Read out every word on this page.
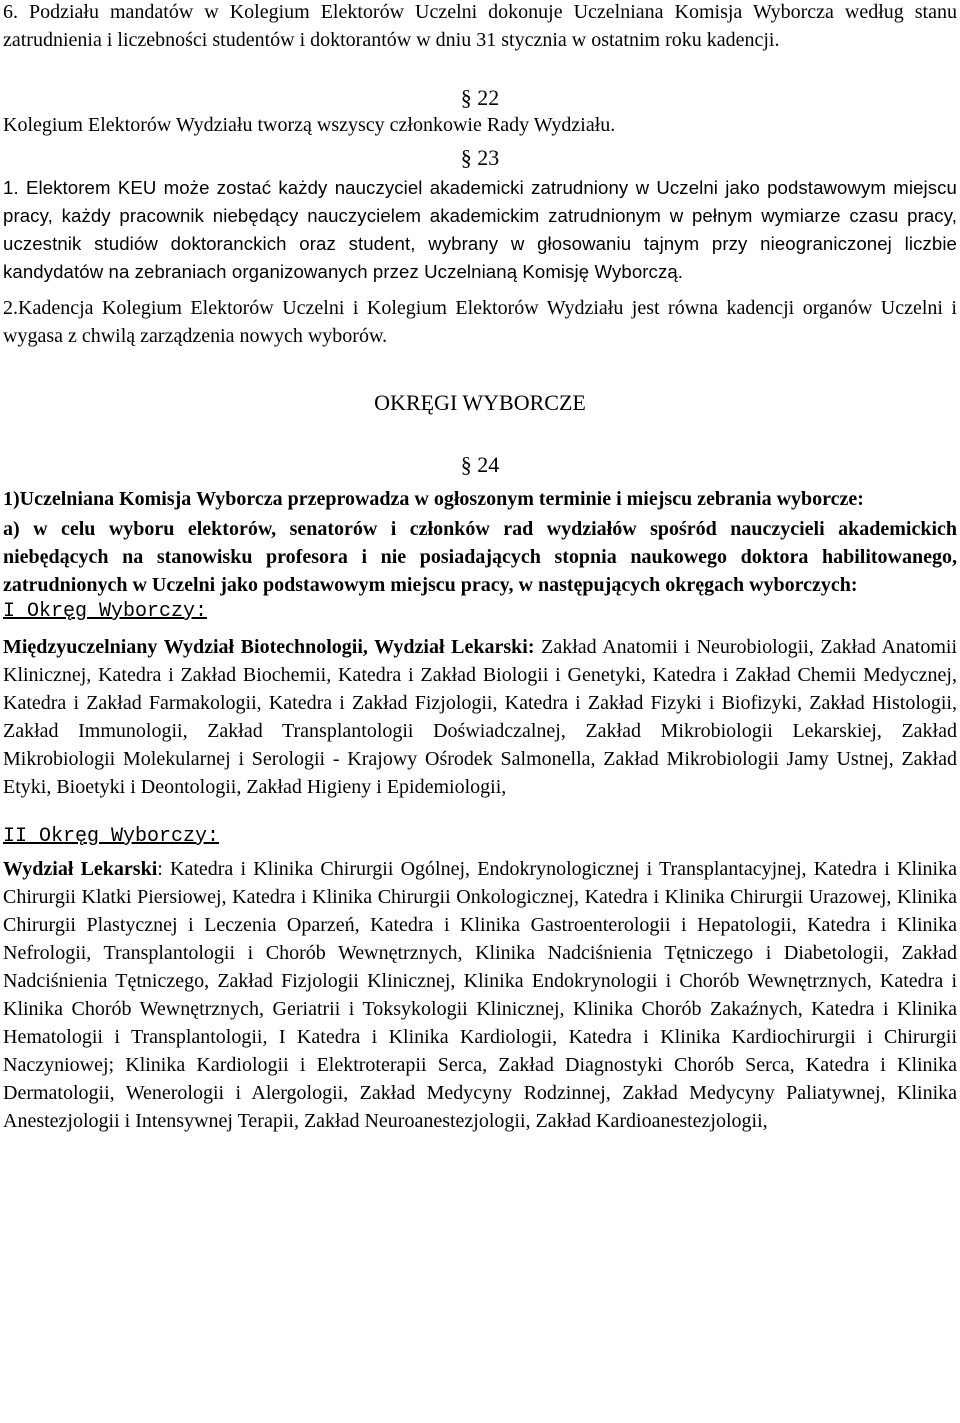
6. Podziału mandatów w Kolegium Elektorów Uczelni dokonuje Uczelniana Komisja Wyborcza według stanu zatrudnienia i liczebności studentów i doktorantów w dniu 31 stycznia w ostatnim roku kadencji.

§ 22

Kolegium Elektorów Wydziału tworzą wszyscy członkowie Rady Wydziału.

§ 23

1. Elektorem KEU może zostać każdy nauczyciel akademicki zatrudniony w Uczelni jako podstawowym miejscu pracy, każdy pracownik niebędący nauczycielem akademickim zatrudnionym w pełnym wymiarze czasu pracy, uczestnik studiów doktoranckich oraz student, wybrany w głosowaniu tajnym przy nieograniczonej liczbie kandydatów na zebraniach organizowanych przez Uczelnianą Komisję Wyborczą.

2.Kadencja Kolegium Elektorów Uczelni i Kolegium Elektorów Wydziału jest równa kadencji organów Uczelni i wygasa z chwilą zarządzenia nowych wyborów.

OKRĘGI WYBORCZE
§ 24

1)Uczelniana Komisja Wyborcza przeprowadza w ogłoszonym terminie i miejscu zebrania wyborcze:

a) w celu wyboru elektorów, senatorów i członków rad wydziałów spośród nauczycieli akademickich niebędących na stanowisku profesora i nie posiadających stopnia naukowego doktora habilitowanego, zatrudnionych w Uczelni jako podstawowym miejscu pracy, w następujących okręgach wyborczych:

I Okręg Wyborczy:

Międzyuczelniany Wydział Biotechnologii, Wydział Lekarski: Zakład Anatomii i Neurobiologii, Zakład Anatomii Klinicznej, Katedra i Zakład Biochemii, Katedra i Zakład Biologii i Genetyki, Katedra i Zakład Chemii Medycznej, Katedra i Zakład Farmakologii, Katedra i Zakład Fizjologii, Katedra i Zakład Fizyki i Biofizyki, Zakład Histologii, Zakład Immunologii, Zakład Transplantologii Doświadczalnej, Zakład Mikrobiologii Lekarskiej, Zakład Mikrobiologii Molekularnej i Serologii - Krajowy Ośrodek Salmonella, Zakład Mikrobiologii Jamy Ustnej, Zakład Etyki, Bioetyki i Deontologii, Zakład Higieny i Epidemiologii,

II Okręg Wyborczy:

Wydział Lekarski: Katedra i Klinika Chirurgii Ogólnej, Endokrynologicznej i Transplantacyjnej, Katedra i Klinika Chirurgii Klatki Piersiowej, Katedra i Klinika Chirurgii Onkologicznej, Katedra i Klinika Chirurgii Urazowej, Klinika Chirurgii Plastycznej i Leczenia Oparzeń, Katedra i Klinika Gastroenterologii i Hepatologii, Katedra i Klinika Nefrologii, Transplantologii i Chorób Wewnętrznych, Klinika Nadciśnienia Tętniczego i Diabetologii, Zakład Nadciśnienia Tętniczego, Zakład Fizjologii Klinicznej, Klinika Endokrynologii i Chorób Wewnętrznych, Katedra i Klinika Chorób Wewnętrznych, Geriatrii i Toksykologii Klinicznej, Klinika Chorób Zakaźnych, Katedra i Klinika Hematologii i Transplantologii, I Katedra i Klinika Kardiologii, Katedra i Klinika Kardiochirurgii i Chirurgii Naczyniowej; Klinika Kardiologii i Elektroterapii Serca, Zakład Diagnostyki Chorób Serca, Katedra i Klinika Dermatologii, Wenerologii i Alergologii, Zakład Medycyny Rodzinnej, Zakład Medycyny Paliatywnej, Klinika Anestezjologii i Intensywnej Terapii, Zakład Neuroanestezjologii, Zakład Kardioanestezjologii,
